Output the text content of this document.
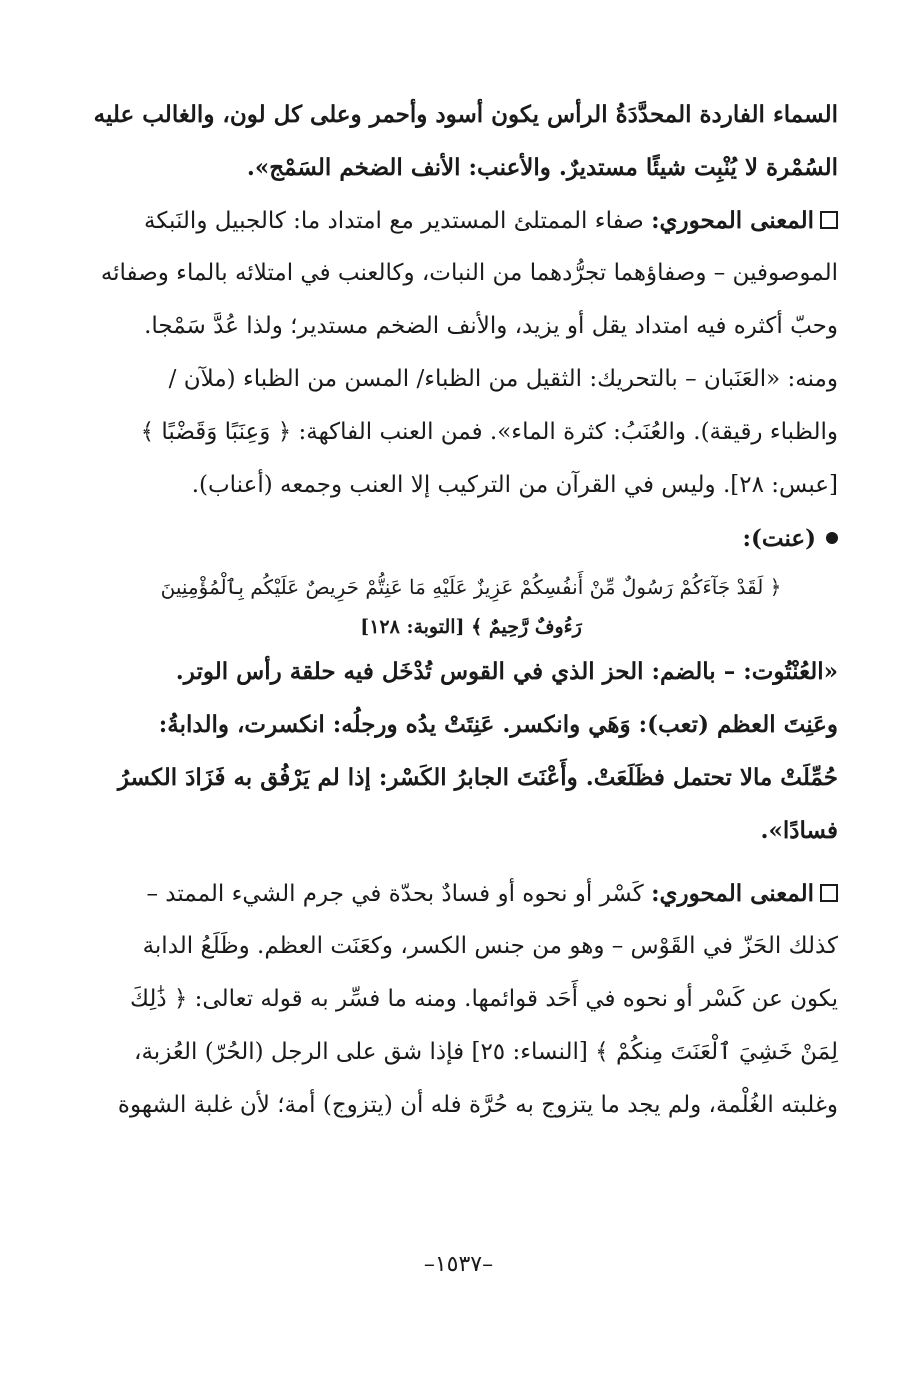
السماء الفاردة المحدَّدَةُ الرأس يكون أسود وأحمر وعلى كل لون، والغالب عليه
السُمْرة لا يُنْبِت شيئًا مستديرٌ. والأعنب: الأنف الضخم السَمْج».
المعنى المحوري: صفاء الممتلئ المستدير مع امتداد ما: كالجبيل والنَبكة
الموصوفين – وصفاؤهما تجرُّدهما من النبات، وكالعنب في امتلائه بالماء وصفائه
وحبّ أكثره فيه امتداد يقل أو يزيد، والأنف الضخم مستدير؛ ولذا عُدَّ سَمْجا.
ومنه: «العَنَبان – بالتحريك: الثقيل من الظباء/ المسن من الظباء (ملآن /
والظباء رقيقة). والعُنَبُ: كثرة الماء». فمن العنب الفاكهة: ﴿ وَعِنَبًا وَقَضْبًا ﴾
[عبس: ٢٨]. وليس في القرآن من التركيب إلا العنب وجمعه (أعناب).
(عنت):
﴿ لَقَدْ جَآءَكُمْ رَسُولٌ مِّنْ أَنفُسِكُمْ عَزِيزٌ عَلَيْهِ مَا عَنِتُّمْ حَرِيصٌ عَلَيْكُم بِٱلْمُؤْمِنِينَ
رَءُوفٌ رَّحِيمٌ ﴾ [التوبة: ١٢٨]
«العُنْتُوت: – بالضم: الحز الذي في القوس تُدْخَل فيه حلقة رأس الوتر.
وعَنِتَ العظم (تعب): وَهَي وانكسر. عَنِتَتْ يدُه ورجلُه: انكسرت، والدابةُ:
حُمِّلَتْ مالا تحتمل فظَلَعَتْ. وأَعْنَتَ الجابرُ الكَسْر: إذا لم يَرْفُق به فَزَادَ الكسرُ
فسادًا».
المعنى المحوري: كَسْر أو نحوه أو فسادٌ بحدّة في جرم الشيء الممتد –
كذلك الحَزّ في القَوْس – وهو من جنس الكسر، وكعَنَت العظم. وظَلَعُ الدابة
يكون عن كَسْر أو نحوه في أَحَد قوائمها. ومنه ما فسِّر به قوله تعالى: ﴿ ذَٰلِكَ
لِمَنْ خَشِيَ ٱلْعَنَتَ مِنكُمْ ﴾ [النساء: ٢٥] فإذا شق على الرجل (الحُرّ) العُزبة،
وغلبته الغُلْمة، ولم يجد ما يتزوج به حُرَّة فله أن (يتزوج) أمة؛ لأن غلبة الشهوة
–١٥٣٧–
